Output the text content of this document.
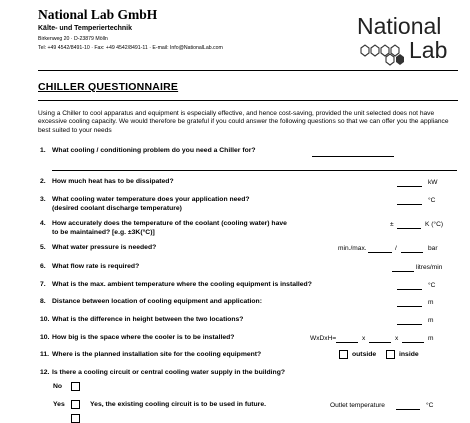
National Lab GmbH
Kälte- und Temperiertechnik
Birkenweg 20 · D-23879 Mölln
Tel: +49 4542/8491-10 · Fax: +49 4542/8491-11 · E-mail: Info@NationalLab.com
National
Lab
CHILLER QUESTIONNAIRE
Using a Chiller to cool apparatus and equipment is especially effective, and hence cost-saving, provided the unit selected does not have excessive cooling capacity. We would therefore be grateful if you could answer the following questions so that we can offer you the appliance best suited to your needs
1. What cooling / conditioning problem do you need a Chiller for?
2. How much heat has to be dissipated?	kW
3. What cooling water temperature does your application need?
(desired coolant discharge temperature)
°C
4. How accurately does the temperature of the coolant (cooling water) have
to be maintained? [e.g. ±3K(°C)]
±	K (°C)
5. What water pressure is needed?	min./max.	/	bar
6. What flow rate is required?	litres/min
7. What is the max. ambient temperature where the cooling equipment is installed?	°C
8. Distance between location of cooling equipment and application:	m
10. What is the difference in height between the two locations?	m
10. How big is the space where the cooler is to be installed?	WxDxH=	x	x	m
11. Where is the planned installation site for the cooling equipment?	outside	inside
12. Is there a cooling circuit or central cooling water supply in the building?
No
Yes	Yes, the existing cooling circuit is to be used in future.	Outlet temperature	°C
